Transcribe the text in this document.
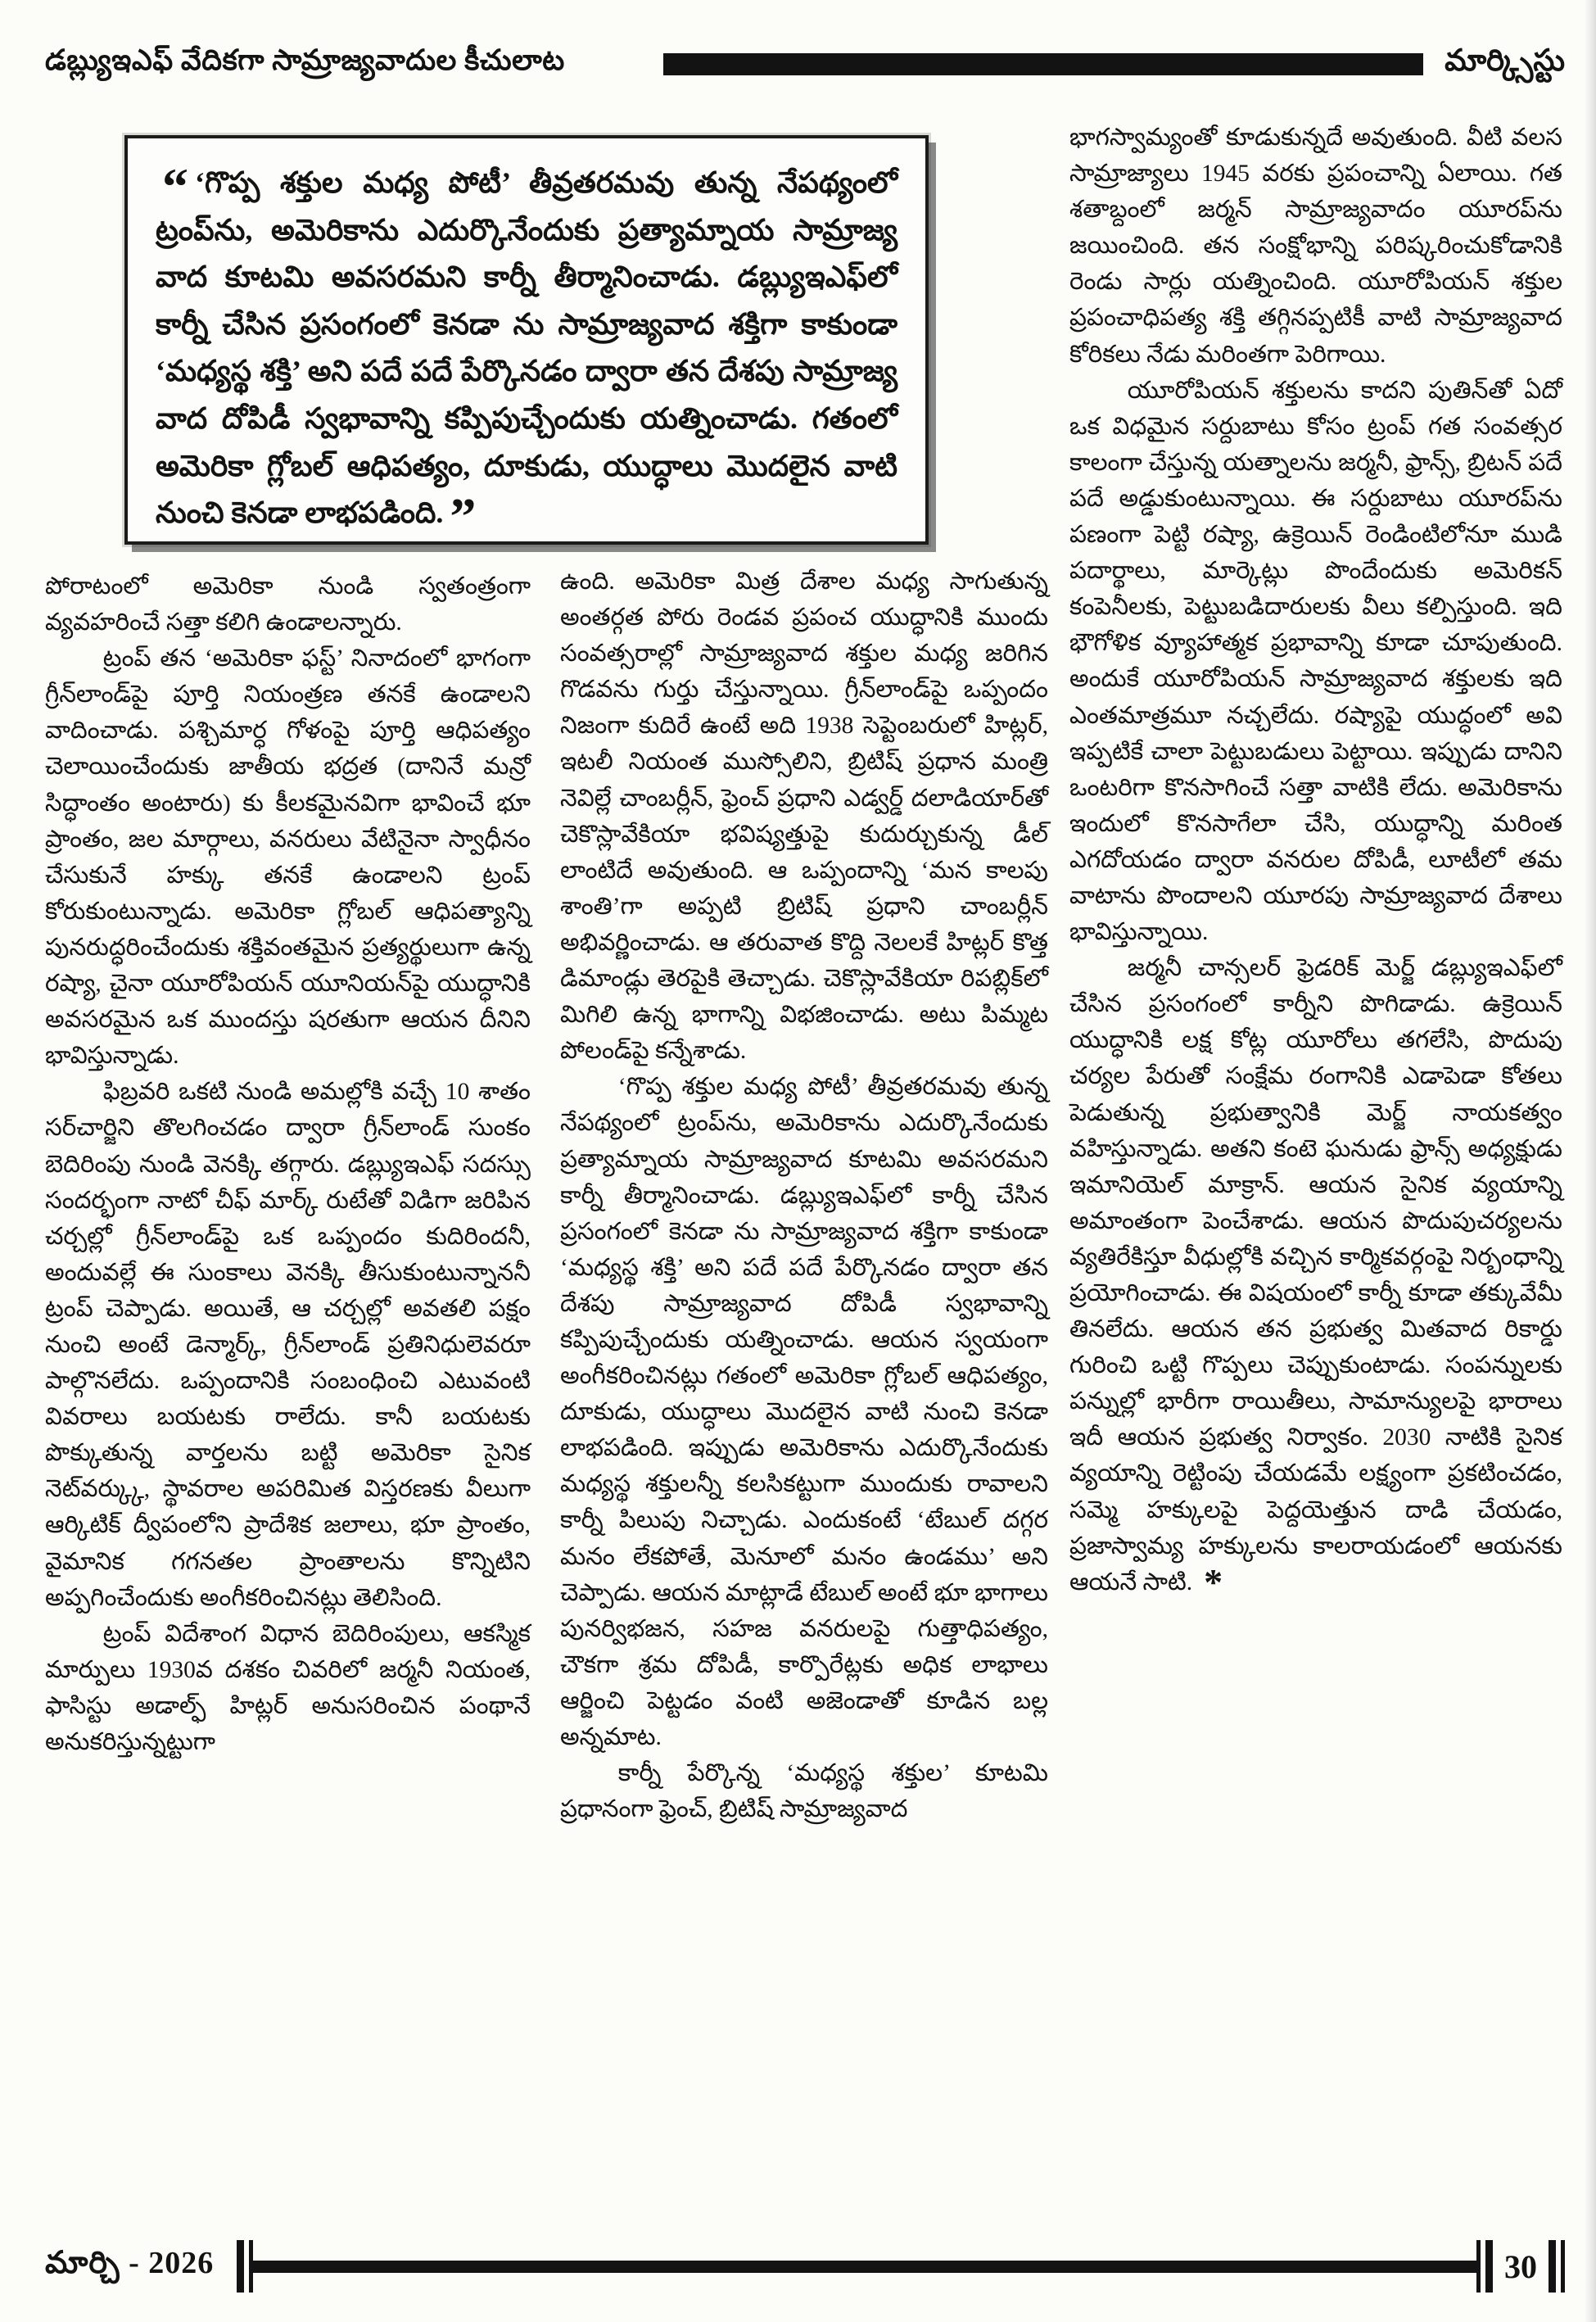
డబ్ల్యుఇఎఫ్ వేదికగా సామ్రాజ్యవాదుల కీచులాట	మార్క్సిస్టు
“ ‘గొప్ప శక్తుల మధ్య పోటీ’ తీవ్రతరమవు తున్న నేపథ్యంలో ట్రంప్‌ను, అమెరికాను ఎదుర్కొనేందుకు ప్రత్యామ్నాయ సామ్రాజ్య వాద కూటమి అవసరమని కార్నీ తీర్మానించాడు. డబ్ల్యుఇఎఫ్‌లో కార్నీ చేసిన ప్రసంగంలో కెనడా ను సామ్రాజ్యవాద శక్తిగా కాకుండా ‘మధ్యస్థ శక్తి’ అని పదే పదే పేర్కొనడం ద్వారా తన దేశపు సామ్రాజ్య వాద దోపిడీ స్వభావాన్ని కప్పిపుచ్చేందుకు యత్నించాడు. గతంలో అమెరికా గ్లోబల్ ఆధిపత్యం, దూకుడు, యుద్ధాలు మొదలైన వాటి నుంచి కెనడా లాభపడింది. ”

పోరాటంలో అమెరికా నుండి స్వతంత్రంగా వ్యవహరించే సత్తా కలిగి ఉండాలన్నారు.

ట్రంప్ తన ‘అమెరికా ఫస్ట్’ నినాదంలో భాగంగా గ్రీన్‌లాండ్‌పై పూర్తి నియంత్రణ తనకే ఉండాలని వాదించాడు. పశ్చిమార్ధ గోళంపై పూర్తి ఆధిపత్యం చెలాయించేందుకు జాతీయ భద్రత (దానినే మన్రో సిద్ధాంతం అంటారు) కు కీలకమైనవిగా భావించే భూ ప్రాంతం, జల మార్గాలు, వనరులు వేటినైనా స్వాధీనం చేసుకునే హక్కు తనకే ఉండాలని ట్రంప్ కోరుకుంటున్నాడు. అమెరికా గ్లోబల్ ఆధిపత్యాన్ని పునరుద్ధరించేందుకు శక్తివంతమైన ప్రత్యర్థులుగా ఉన్న రష్యా, చైనా యూరోపియన్ యూనియన్‌పై యుద్ధానికి అవసరమైన ఒక ముందస్తు షరతుగా ఆయన దీనిని భావిస్తున్నాడు.

ఫిబ్రవరి ఒకటి నుండి అమల్లోకి వచ్చే 10 శాతం సర్‌చార్జిని తొలగించడం ద్వారా గ్రీన్‌లాండ్ సుంకం బెదిరింపు నుండి వెనక్కి తగ్గారు. డబ్ల్యుఇఎఫ్ సదస్సు సందర్భంగా నాటో చీఫ్ మార్క్ రుటేతో విడిగా జరిపిన చర్చల్లో గ్రీన్‌లాండ్‌పై ఒక ఒప్పందం కుదిరిందనీ, అందువల్లే ఈ సుంకాలు వెనక్కి తీసుకుంటున్నాననీ ట్రంప్ చెప్పాడు. అయితే, ఆ చర్చల్లో అవతలి పక్షం నుంచి అంటే డెన్మార్క్, గ్రీన్‌లాండ్ ప్రతినిధులెవరూ పాల్గొనలేదు. ఒప్పందానికి సంబంధించి ఎటువంటి వివరాలు బయటకు రాలేదు. కానీ బయటకు పొక్కుతున్న వార్తలను బట్టి అమెరికా సైనిక నెట్‌వర్క్కు, స్థావరాల అపరిమిత విస్తరణకు వీలుగా ఆర్కిటిక్ ద్వీపంలోని ప్రాదేశిక జలాలు, భూ ప్రాంతం, వైమానిక గగనతల ప్రాంతాలను కొన్నిటిని అప్పగించేందుకు అంగీకరించినట్లు తెలిసింది.

ట్రంప్ విదేశాంగ విధాన బెదిరింపులు, ఆకస్మిక మార్పులు 1930వ దశకం చివరిలో జర్మనీ నియంత, ఫాసిస్టు అడాల్ఫ్ హిట్లర్ అనుసరించిన పంథానే అనుకరిస్తున్నట్టుగా

ఉంది. అమెరికా మిత్ర దేశాల మధ్య సాగుతున్న అంతర్గత పోరు రెండవ ప్రపంచ యుద్ధానికి ముందు సంవత్సరాల్లో సామ్రాజ్యవాద శక్తుల మధ్య జరిగిన గొడవను గుర్తు చేస్తున్నాయి. గ్రీన్‌లాండ్‌పై ఒప్పందం నిజంగా కుదిరే ఉంటే అది 1938 సెప్టెంబరులో హిట్లర్, ఇటలీ నియంత ముస్సోలిని, బ్రిటిష్ ప్రధాన మంత్రి నెవిల్లే చాంబర్లీన్, ఫ్రెంచ్ ప్రధాని ఎడ్వర్డ్ దలాడియార్‌తో చెకొస్లావేకియా భవిష్యత్తుపై కుదుర్చుకున్న డీల్ లాంటిదే అవుతుంది. ఆ ఒప్పందాన్ని ‘మన కాలపు శాంతి’గా అప్పటి బ్రిటిష్ ప్రధాని చాంబర్లీన్ అభివర్ణించాడు. ఆ తరువాత కొద్ది నెలలకే హిట్లర్ కొత్త డిమాండ్లు తెరపైకి తెచ్చాడు. చెకొస్లావేకియా రిపబ్లిక్‌లో మిగిలి ఉన్న భాగాన్ని విభజించాడు. అటు పిమ్మట పోలండ్‌పై కన్నేశాడు.

‘గొప్ప శక్తుల మధ్య పోటీ’ తీవ్రతరమవు తున్న నేపథ్యంలో ట్రంప్‌ను, అమెరికాను ఎదుర్కొనేందుకు ప్రత్యామ్నాయ సామ్రాజ్యవాద కూటమి అవసరమని కార్నీ తీర్మానించాడు. డబ్ల్యుఇఎఫ్‌లో కార్నీ చేసిన ప్రసంగంలో కెనడా ను సామ్రాజ్యవాద శక్తిగా కాకుండా ‘మధ్యస్థ శక్తి’ అని పదే పదే పేర్కొనడం ద్వారా తన దేశపు సామ్రాజ్యవాద దోపిడీ స్వభావాన్ని కప్పిపుచ్చేందుకు యత్నించాడు. ఆయన స్వయంగా అంగీకరించినట్లు గతంలో అమెరికా గ్లోబల్ ఆధిపత్యం, దూకుడు, యుద్ధాలు మొదలైన వాటి నుంచి కెనడా లాభపడింది. ఇప్పుడు అమెరికాను ఎదుర్కొనేందుకు మధ్యస్థ శక్తులన్నీ కలసికట్టుగా ముందుకు రావాలని కార్నీ పిలుపు నిచ్చాడు. ఎందుకంటే ‘టేబుల్ దగ్గర మనం లేకపోతే, మెనూలో మనం ఉండము’ అని చెప్పాడు. ఆయన మాట్లాడే టేబుల్ అంటే భూ భాగాలు పునర్విభజన, సహజ వనరులపై గుత్తాధిపత్యం, చౌకగా శ్రమ దోపిడీ, కార్పొరేట్లకు అధిక లాభాలు ఆర్జించి పెట్టడం వంటి అజెండాతో కూడిన బల్ల అన్నమాట.

కార్నీ పేర్కొన్న ‘మధ్యస్థ శక్తుల’ కూటమి ప్రధానంగా ఫ్రెంచ్, బ్రిటిష్ సామ్రాజ్యవాద

భాగస్వామ్యంతో కూడుకున్నదే అవుతుంది. వీటి వలస సామ్రాజ్యాలు 1945 వరకు ప్రపంచాన్ని ఏలాయి. గత శతాబ్దంలో జర్మన్ సామ్రాజ్యవాదం యూరప్‌ను జయించింది. తన సంక్షోభాన్ని పరిష్కరించుకోడానికి రెండు సార్లు యత్నించింది. యూరోపియన్ శక్తుల ప్రపంచాధిపత్య శక్తి తగ్గినప్పటికీ వాటి సామ్రాజ్యవాద కోరికలు నేడు మరింతగా పెరిగాయి.

యూరోపియన్ శక్తులను కాదని పుతిన్‌తో ఏదో ఒక విధమైన సర్దుబాటు కోసం ట్రంప్ గత సంవత్సర కాలంగా చేస్తున్న యత్నాలను జర్మనీ, ఫ్రాన్స్, బ్రిటన్ పదే పదే అడ్డుకుంటున్నాయి. ఈ సర్దుబాటు యూరప్‌ను పణంగా పెట్టి రష్యా, ఉక్రెయిన్ రెండింటిలోనూ ముడి పదార్థాలు, మార్కెట్లు పొందేందుకు అమెరికన్ కంపెనీలకు, పెట్టుబడిదారులకు వీలు కల్పిస్తుంది. ఇది భౌగోళిక వ్యూహాత్మక ప్రభావాన్ని కూడా చూపుతుంది. అందుకే యూరోపియన్ సామ్రాజ్యవాద శక్తులకు ఇది ఎంతమాత్రమూ నచ్చలేదు. రష్యాపై యుద్ధంలో అవి ఇప్పటికే చాలా పెట్టుబడులు పెట్టాయి. ఇప్పుడు దానిని ఒంటరిగా కొనసాగించే సత్తా వాటికి లేదు. అమెరికాను ఇందులో కొనసాగేలా చేసి, యుద్ధాన్ని మరింత ఎగదోయడం ద్వారా వనరుల దోపిడీ, లూటీలో తమ వాటాను పొందాలని యూరపు సామ్రాజ్యవాద దేశాలు భావిస్తున్నాయి.

జర్మనీ చాన్సలర్ ఫ్రెడరిక్ మెర్జ్ డబ్ల్యుఇఎఫ్‌లో చేసిన ప్రసంగంలో కార్నీని పొగిడాడు. ఉక్రెయిన్ యుద్ధానికి లక్ష కోట్ల యూరోలు తగలేసి, పొదుపు చర్యల పేరుతో సంక్షేమ రంగానికి ఎడాపెడా కోతలు పెడుతున్న ప్రభుత్వానికి మెర్జ్ నాయకత్వం వహిస్తున్నాడు. అతని కంటె ఘనుడు ఫ్రాన్స్ అధ్యక్షుడు ఇమానియెల్ మాక్రాన్. ఆయన సైనిక వ్యయాన్ని అమాంతంగా పెంచేశాడు. ఆయన పొదుపుచర్యలను వ్యతిరేకిస్తూ వీధుల్లోకి వచ్చిన కార్మికవర్గంపై నిర్బంధాన్ని ప్రయోగించాడు. ఈ విషయంలో కార్నీ కూడా తక్కువేమీ తినలేదు. ఆయన తన ప్రభుత్వ మితవాద రికార్డు గురించి ఒట్టి గొప్పలు చెప్పుకుంటాడు. సంపన్నులకు పన్నుల్లో భారీగా రాయితీలు, సామాన్యులపై భారాలు ఇదీ ఆయన ప్రభుత్వ నిర్వాకం. 2030 నాటికి సైనిక వ్యయాన్ని రెట్టింపు చేయడమే లక్ష్యంగా ప్రకటించడం, సమ్మె హక్కులపై పెద్దయెత్తున దాడి చేయడం, ప్రజాస్వామ్య హక్కులను కాలరాయడంలో ఆయనకు ఆయనే సాటి. *

మార్చి - 2026	30
